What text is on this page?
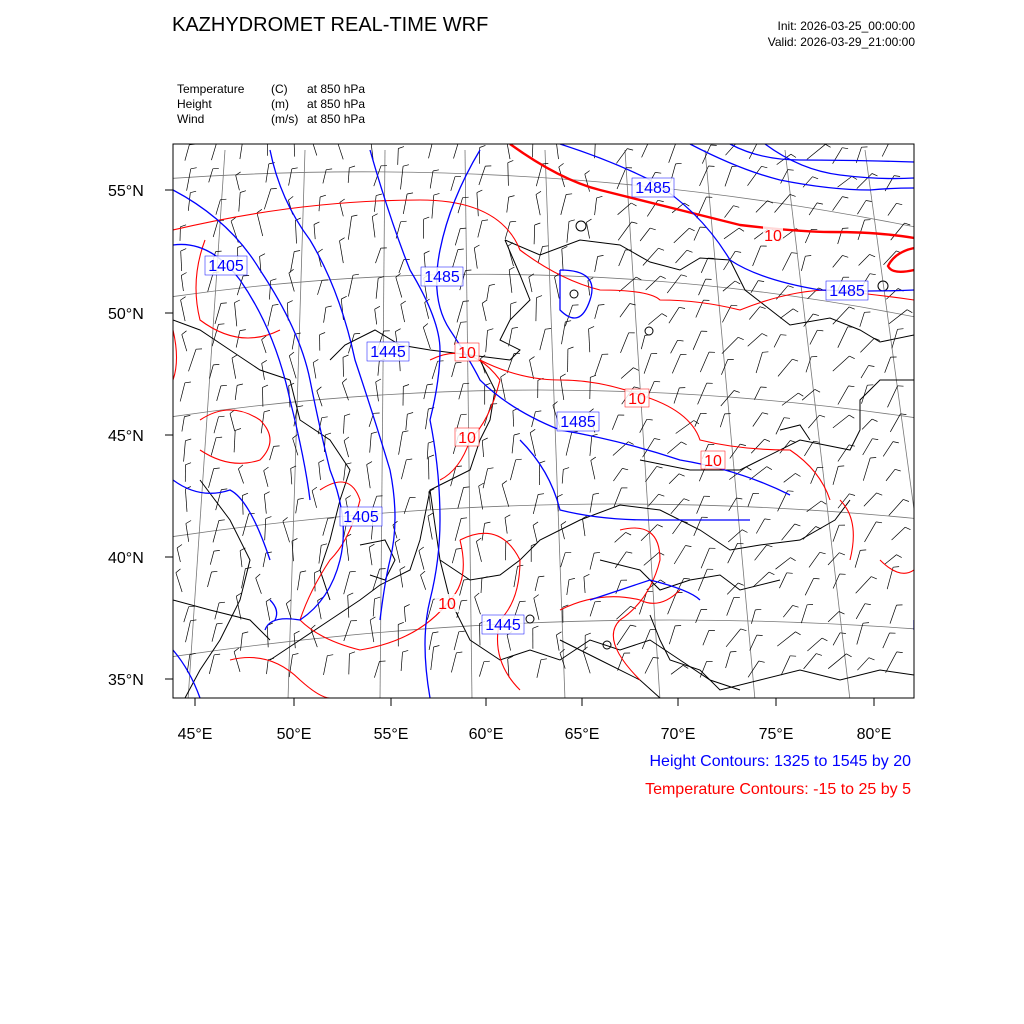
KAZHYDROMET REAL-TIME WRF	Init: 2026-03-25_00:00:00
Valid: 2026-03-29_21:00:00
Temperature (C) at 850 hPa
Height	(m) at 850 hPa
Wind	(m/s) at 850 hPa
1485
1405
1485
1445
1485
1485
1405
1445
10
10
10
10
10
10
55°N
50°N
45°N
40°N
35°N
45°E	50°E	55°E	60°E	65°E	70°E	75°E	80°E
Height Contours: 1325 to 1545 by 20
Temperature Contours: -15 to 25 by 5
